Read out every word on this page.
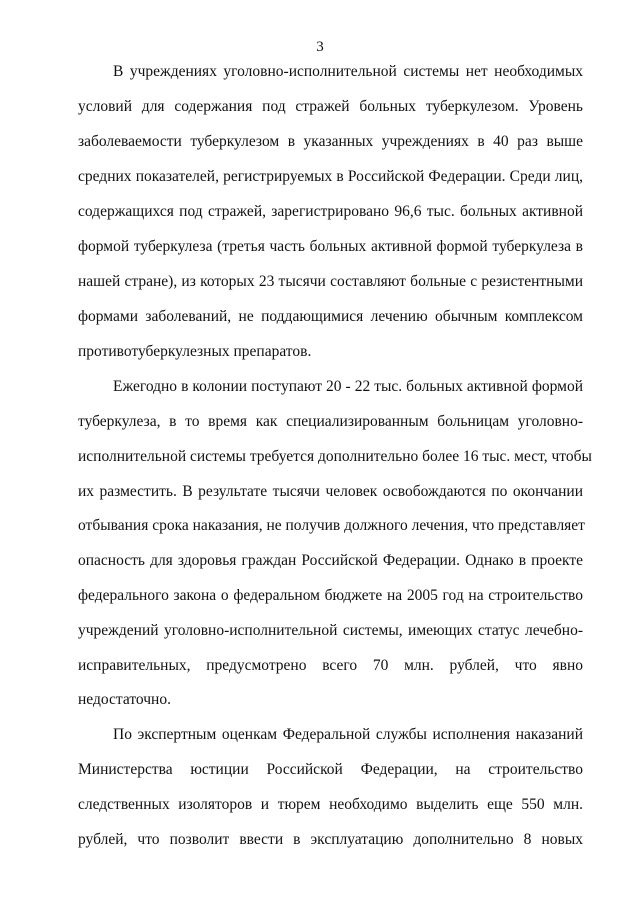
3
В учреждениях уголовно-исполнительной системы нет необходимых
условий для содержания под стражей больных туберкулезом. Уровень
заболеваемости туберкулезом в указанных учреждениях в 40 раз выше
средних показателей, регистрируемых в Российской Федерации. Среди лиц,
содержащихся под стражей, зарегистрировано 96,6 тыс. больных активной
формой туберкулеза (третья часть больных активной формой туберкулеза в
нашей стране), из которых 23 тысячи составляют больные с резистентными
формами заболеваний, не поддающимися лечению обычным комплексом
противотуберкулезных препаратов.
Ежегодно в колонии поступают 20 - 22 тыс. больных активной формой
туберкулеза, в то время как специализированным больницам уголовно-
исполнительной системы требуется дополнительно более 16 тыс. мест, чтобы
их разместить. В результате тысячи человек освобождаются по окончании
отбывания срока наказания, не получив должного лечения, что представляет
опасность для здоровья граждан Российской Федерации. Однако в проекте
федерального закона о федеральном бюджете на 2005 год на строительство
учреждений уголовно-исполнительной системы, имеющих статус лечебно-
исправительных, предусмотрено всего 70 млн. рублей, что явно
недостаточно.
По экспертным оценкам Федеральной службы исполнения наказаний
Министерства юстиции Российской Федерации, на строительство
следственных изоляторов и тюрем необходимо выделить еще 550 млн.
рублей, что позволит ввести в эксплуатацию дополнительно 8 новых
